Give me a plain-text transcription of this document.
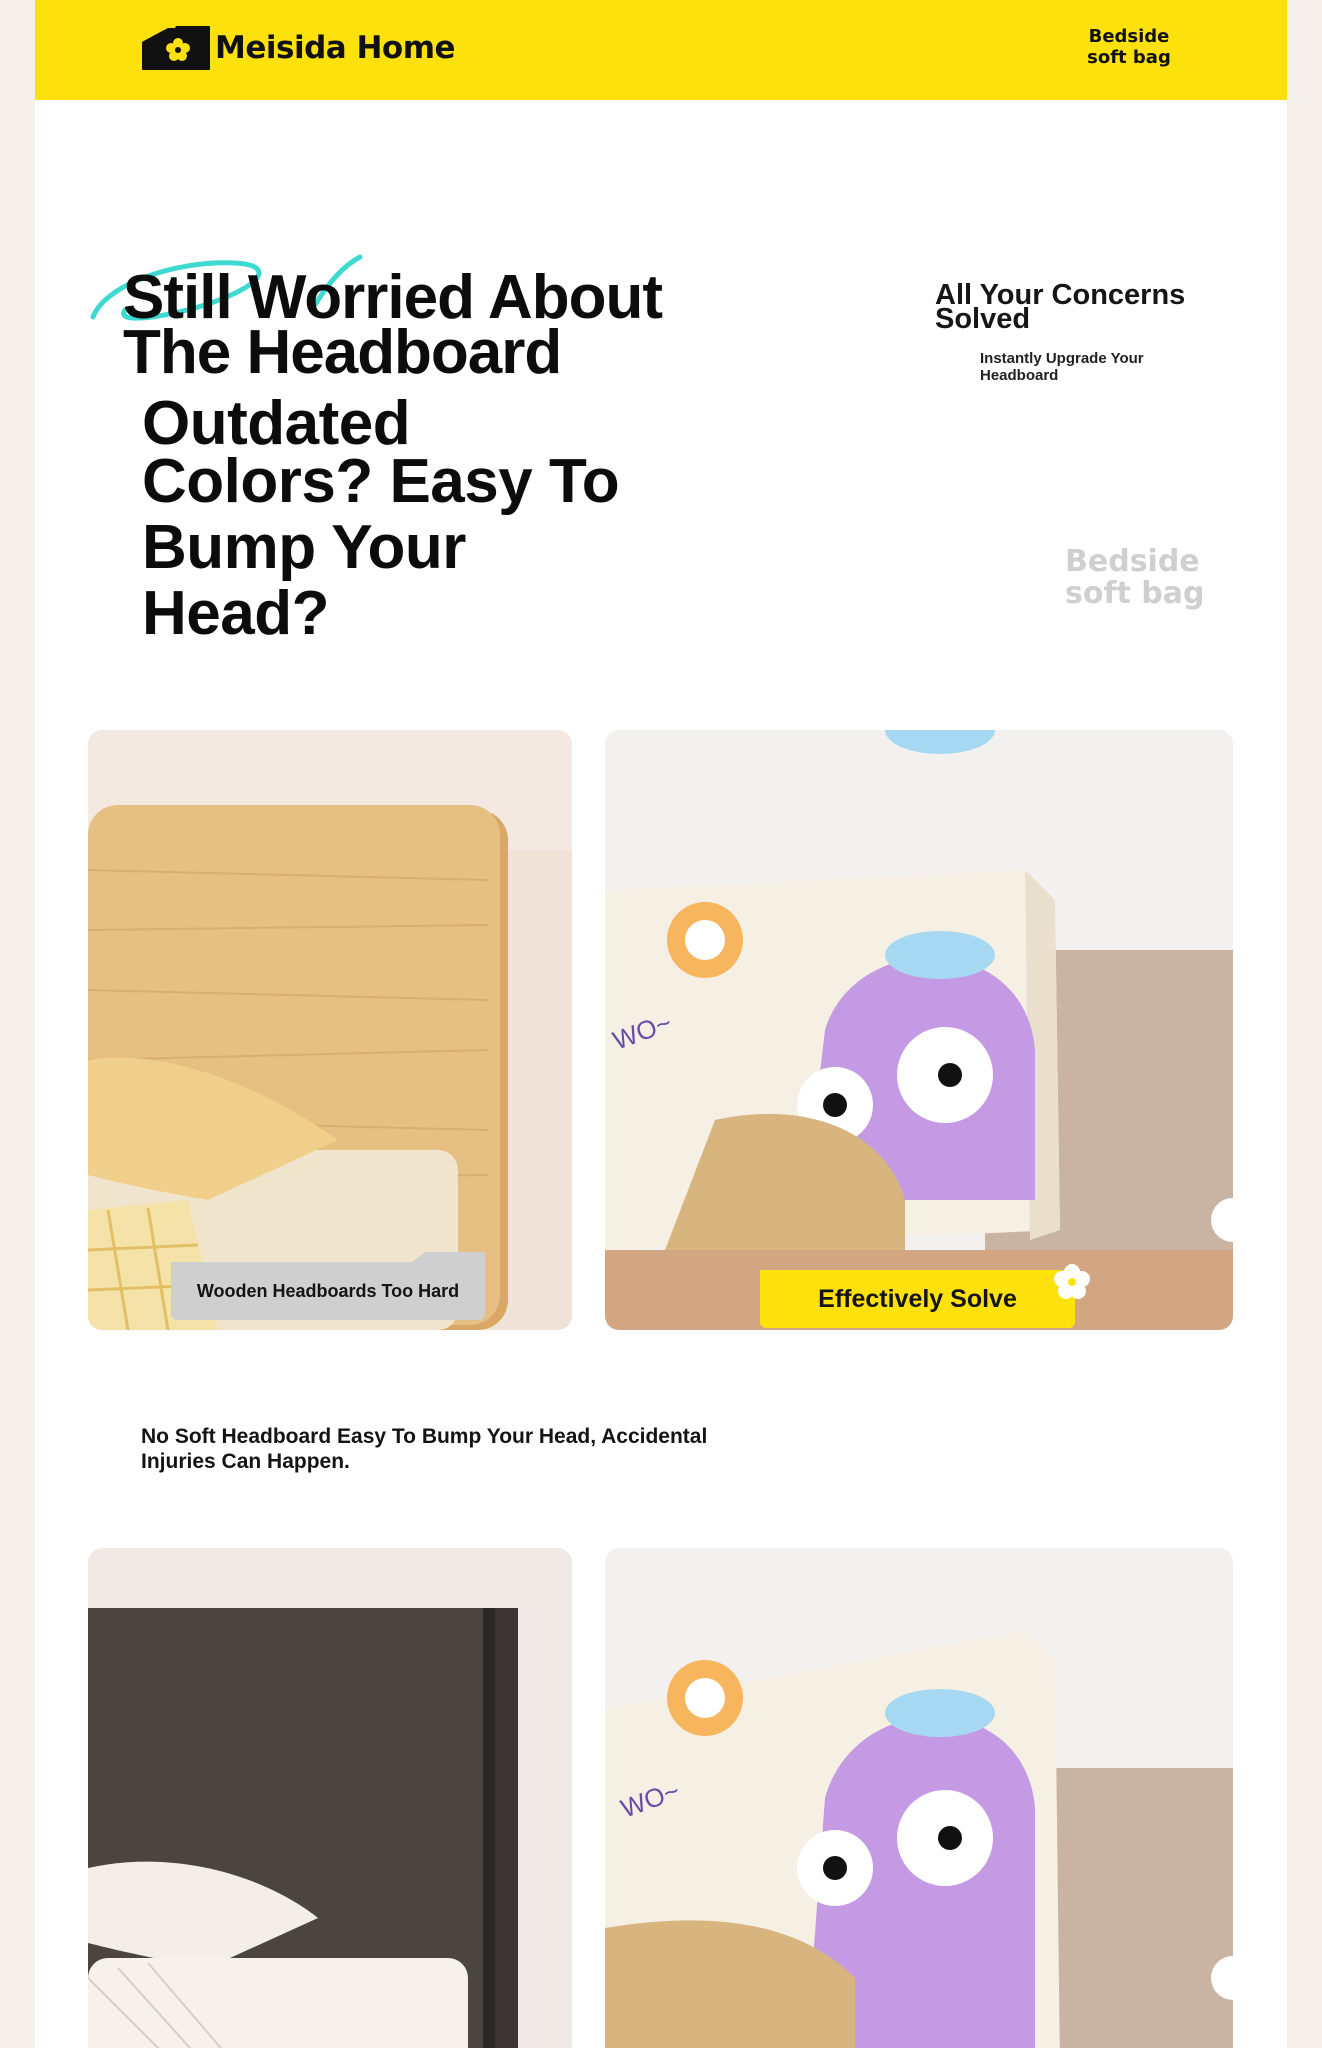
Meisida Home	Bedside
soft bag
Still Worried About
The Headboard
Outdated
Colors? Easy To
Bump Your
Head?
All Your Concerns Solved
Instantly Upgrade Your Headboard
Bedside
soft bag
WO~
Wooden Headboards Too Hard	Effectively Solve
No Soft Headboard Easy To Bump Your Head, Accidental Injuries Can Happen.
WO~
